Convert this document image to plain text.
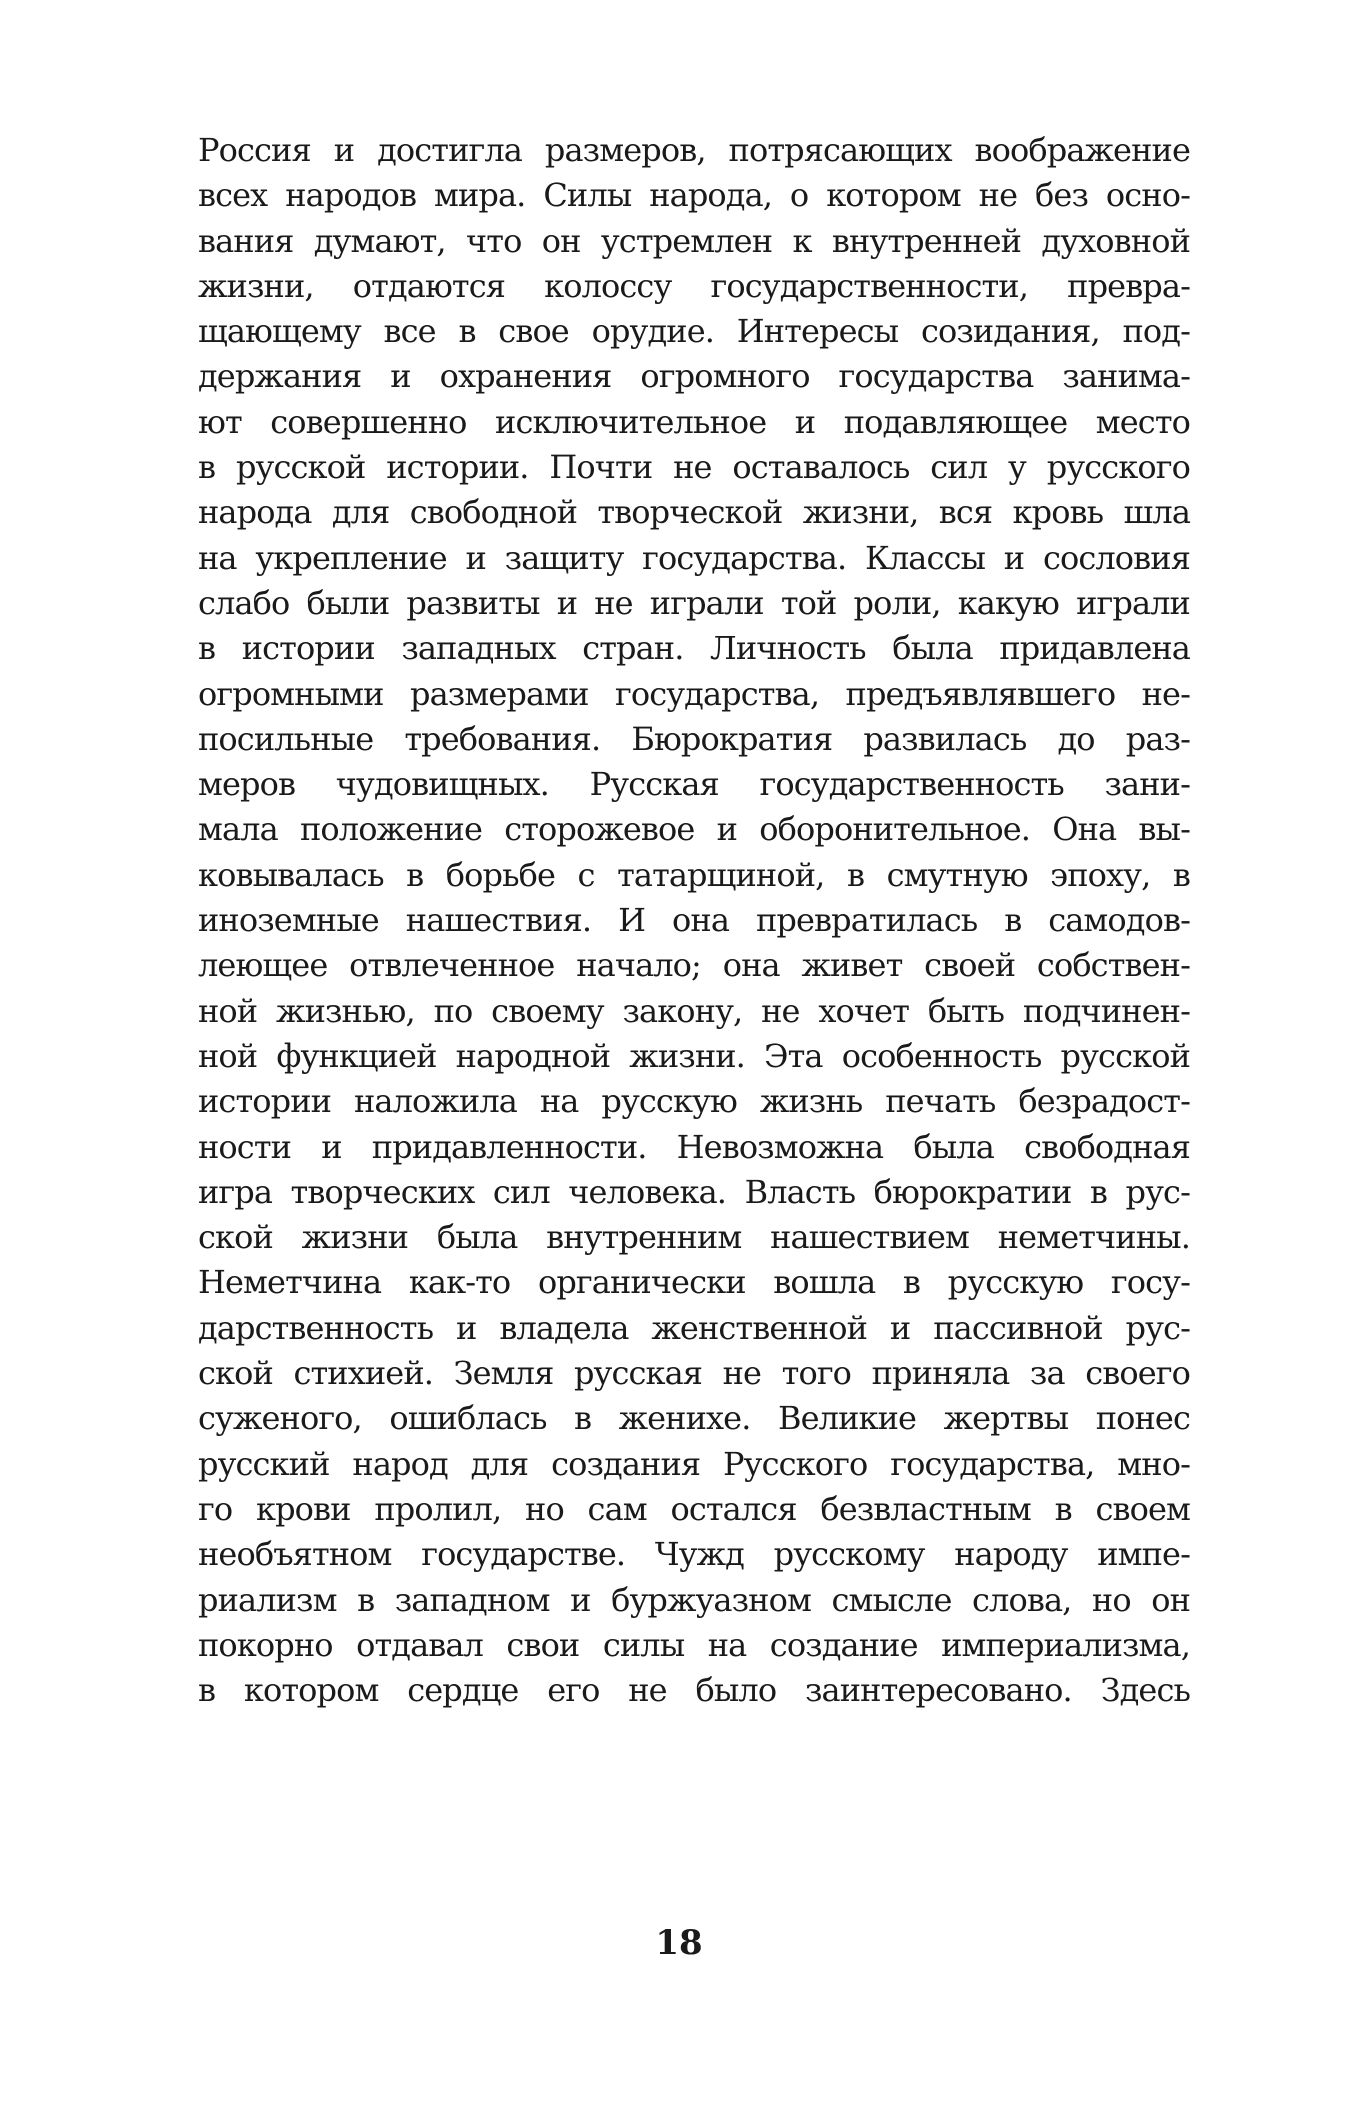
Россия и достигла размеров, потрясающих воображение
всех народов мира. Силы народа, о котором не без осно-
вания думают, что он устремлен к внутренней духовной
жизни, отдаются колоссу государственности, превра-
щающему все в свое орудие. Интересы созидания, под-
держания и охранения огромного государства занима-
ют совершенно исключительное и подавляющее место
в русской истории. Почти не оставалось сил у русского
народа для свободной творческой жизни, вся кровь шла
на укрепление и защиту государства. Классы и сословия
слабо были развиты и не играли той роли, какую играли
в истории западных стран. Личность была придавлена
огромными размерами государства, предъявлявшего не-
посильные требования. Бюрократия развилась до раз-
меров чудовищных. Русская государственность зани-
мала положение сторожевое и оборонительное. Она вы-
ковывалась в борьбе с татарщиной, в смутную эпоху, в
иноземные нашествия. И она превратилась в самодов-
леющее отвлеченное начало; она живет своей собствен-
ной жизнью, по своему закону, не хочет быть подчинен-
ной функцией народной жизни. Эта особенность русской
истории наложила на русскую жизнь печать безрадост-
ности и придавленности. Невозможна была свободная
игра творческих сил человека. Власть бюрократии в рус-
ской жизни была внутренним нашествием неметчины.
Неметчина как-то органически вошла в русскую госу-
дарственность и владела женственной и пассивной рус-
ской стихией. Земля русская не того приняла за своего
суженого, ошиблась в женихе. Великие жертвы понес
русский народ для создания Русского государства, мно-
го крови пролил, но сам остался безвластным в своем
необъятном государстве. Чужд русскому народу импе-
риализм в западном и буржуазном смысле слова, но он
покорно отдавал свои силы на создание империализма,
в котором сердце его не было заинтересовано. Здесь
18
